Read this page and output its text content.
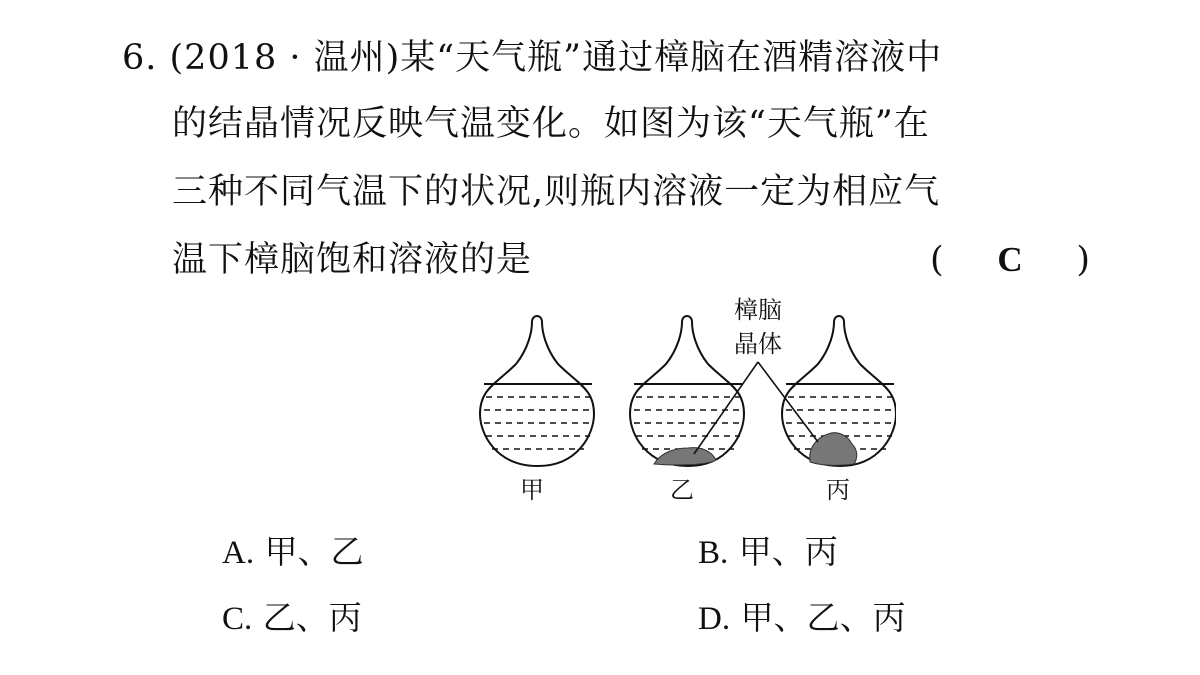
6. (2018 · 温州)某“天气瓶”通过樟脑在酒精溶液中
的结晶情况反映气温变化。如图为该“天气瓶”在
三种不同气温下的状况,则瓶内溶液一定为相应气
温下樟脑饱和溶液的是	( C )
樟脑
晶体
甲	乙	丙
A. 甲、乙	B. 甲、丙
C. 乙、丙	D. 甲、乙、丙
